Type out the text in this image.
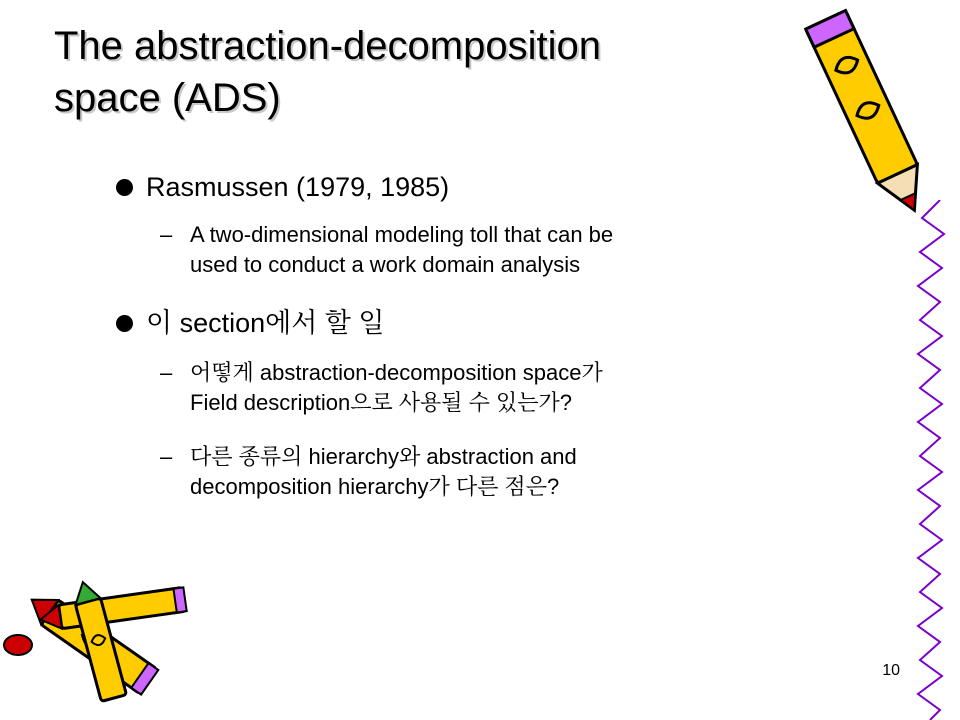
The abstraction-decomposition
space (ADS)
Rasmussen (1979, 1985)
– A two-dimensional modeling toll that can be
used to conduct a work domain analysis
이 section에서 할 일
– 어떻게 abstraction-decomposition space가
Field description으로 사용될 수 있는가?
– 다른 종류의 hierarchy와 abstraction and
decomposition hierarchy가 다른 점은?
10
